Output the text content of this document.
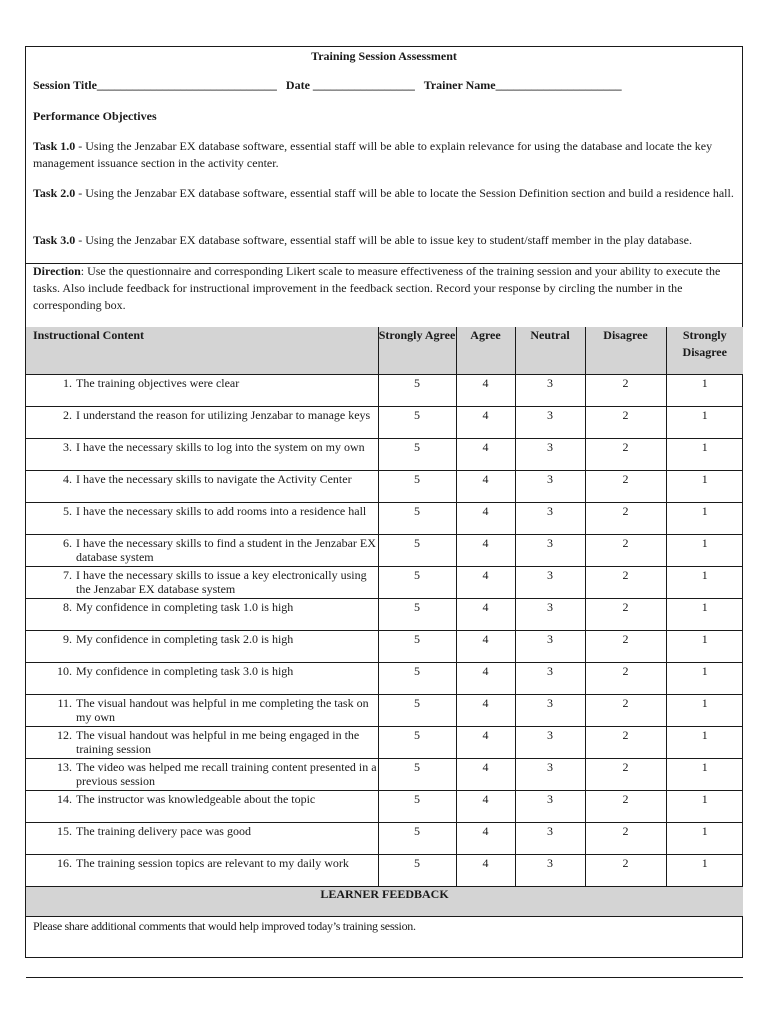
Training Session Assessment
Session Title______________________________ Date _________________ Trainer Name_____________________
Performance Objectives
Task 1.0 - Using the Jenzabar EX database software, essential staff will be able to explain relevance for using the database and locate the key management issuance section in the activity center.
Task 2.0 - Using the Jenzabar EX database software, essential staff will be able to locate the Session Definition section and build a residence hall.
Task 3.0 - Using the Jenzabar EX database software, essential staff will be able to issue key to student/staff member in the play database.
Direction: Use the questionnaire and corresponding Likert scale to measure effectiveness of the training session and your ability to execute the tasks. Also include feedback for instructional improvement in the feedback section. Record your response by circling the number in the corresponding box.
Instructional Content	Strongly Agree	Agree	Neutral	Disagree	Strongly Disagree

1. The training objectives were clear	5	4	3	2	1

2. I understand the reason for utilizing Jenzabar to manage keys	5	4	3	2	1

3. I have the necessary skills to log into the system on my own	5	4	3	2	1

4. I have the necessary skills to navigate the Activity Center	5	4	3	2	1

5. I have the necessary skills to add rooms into a residence hall	5	4	3	2	1

6. I have the necessary skills to find a student in the Jenzabar EX database system	5	4	3	2	1

7. I have the necessary skills to issue a key electronically using the Jenzabar EX database system	5	4	3	2	1

8. My confidence in completing task 1.0 is high	5	4	3	2	1

9. My confidence in completing task 2.0 is high	5	4	3	2	1

10. My confidence in completing task 3.0 is high	5	4	3	2	1

11. The visual handout was helpful in me completing the task on my own	5	4	3	2	1

12. The visual handout was helpful in me being engaged in the training session	5	4	3	2	1

13. The video was helped me recall training content presented in a previous session	5	4	3	2	1

14. The instructor was knowledgeable about the topic	5	4	3	2	1

15. The training delivery pace was good	5	4	3	2	1

16. The training session topics are relevant to my daily work	5	4	3	2	1
LEARNER FEEDBACK					

Please share additional comments that would help improved today’s training session.					
